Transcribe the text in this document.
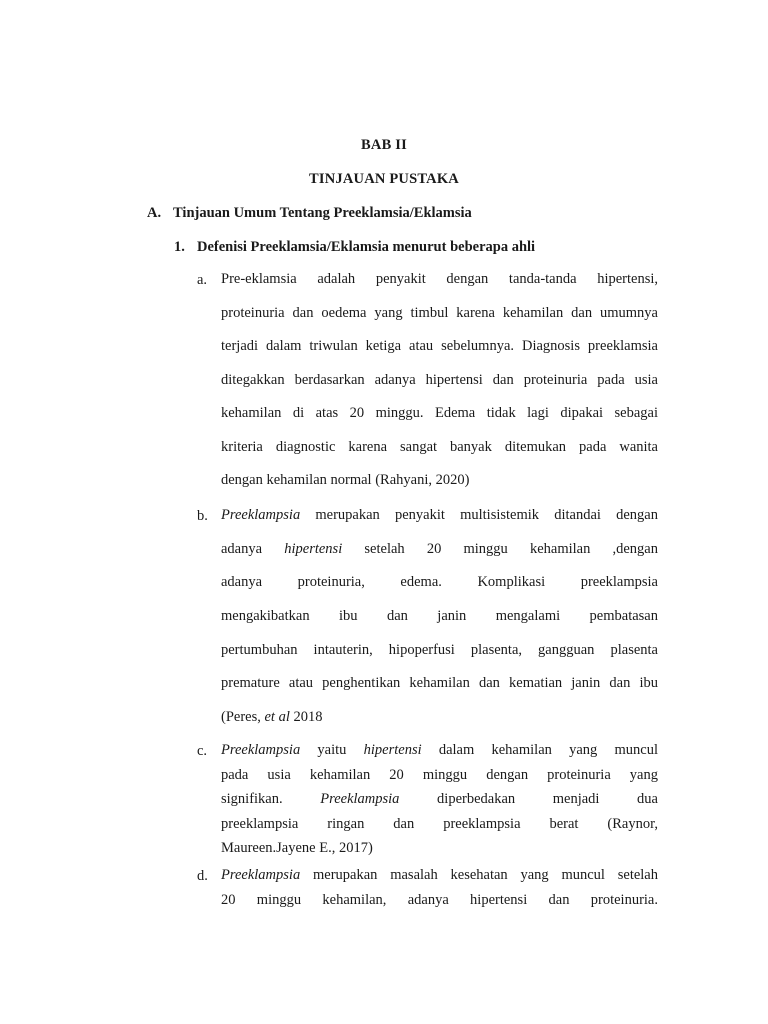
BAB II
TINJAUAN PUSTAKA
A. Tinjauan Umum Tentang Preeklamsia/Eklamsia
1. Defenisi Preeklamsia/Eklamsia menurut beberapa ahli
a. Pre-eklamsia adalah penyakit dengan tanda-tanda hipertensi,
proteinuria dan oedema yang timbul karena kehamilan dan umumnya
terjadi dalam triwulan ketiga atau sebelumnya. Diagnosis preeklamsia
ditegakkan berdasarkan adanya hipertensi dan proteinuria pada usia
kehamilan di atas 20 minggu. Edema tidak lagi dipakai sebagai
kriteria diagnostic karena sangat banyak ditemukan pada wanita
dengan kehamilan normal (Rahyani, 2020)
b. Preeklampsia merupakan penyakit multisistemik ditandai dengan
adanya hipertensi setelah 20 minggu kehamilan ,dengan
adanya proteinuria, edema. Komplikasi preeklampsia
mengakibatkan ibu dan janin mengalami pembatasan
pertumbuhan intauterin, hipoperfusi plasenta, gangguan plasenta
premature atau penghentikan kehamilan dan kematian janin dan ibu
(Peres, et al 2018
c. Preeklampsia yaitu hipertensi dalam kehamilan yang muncul
pada usia kehamilan 20 minggu dengan proteinuria yang
signifikan. Preeklampsia diperbedakan menjadi dua
preeklampsia ringan dan preeklampsia berat (Raynor,
Maureen.Jayene E., 2017)
d. Preeklampsia merupakan masalah kesehatan yang muncul setelah
20 minggu kehamilan, adanya hipertensi dan proteinuria.
